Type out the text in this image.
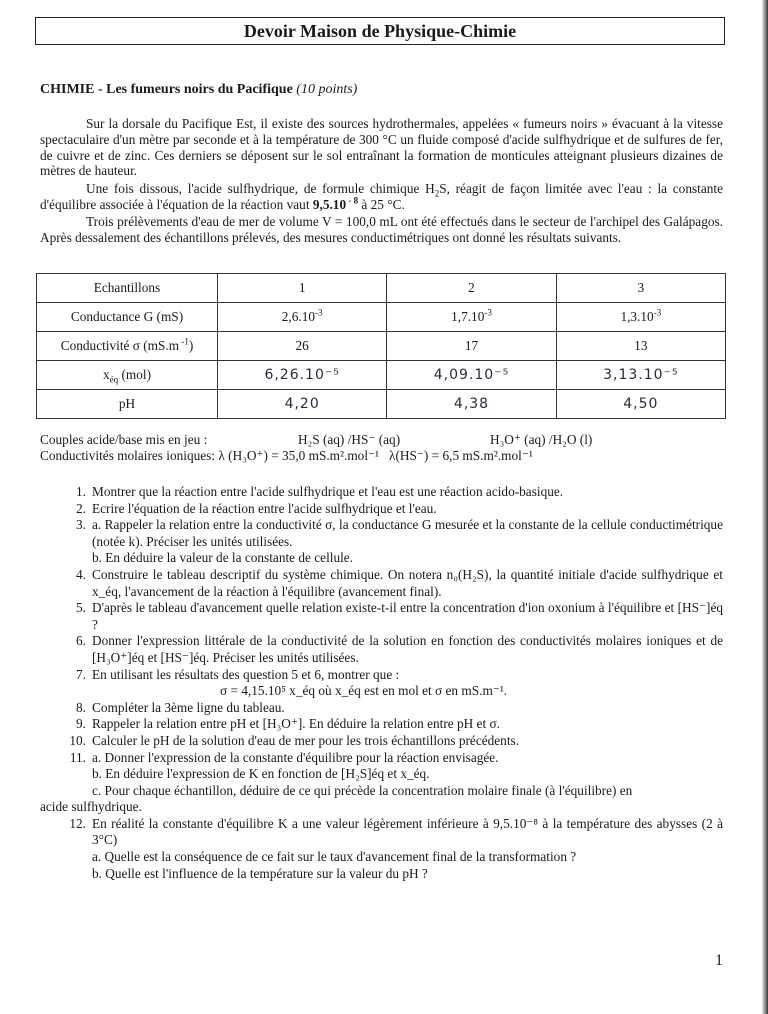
Devoir Maison de Physique-Chimie
CHIMIE - Les fumeurs noirs du Pacifique (10 points)
Sur la dorsale du Pacifique Est, il existe des sources hydrothermales, appelées « fumeurs noirs » évacuant à la vitesse spectaculaire d'un mètre par seconde et à la température de 300 °C un fluide composé d'acide sulfhydrique et de sulfures de fer, de cuivre et de zinc. Ces derniers se déposent sur le sol entraînant la formation de monticules atteignant plusieurs dizaines de mètres de hauteur.
Une fois dissous, l'acide sulfhydrique, de formule chimique $H_2S$, réagit de façon limitée avec l'eau : la constante d'équilibre associée à l'équation de la réaction vaut 9,5.10 $^{- 8}$ à 25 °C.
Trois prélèvements d'eau de mer de volume V = 100,0 mL ont été effectués dans le secteur de l'archipel des Galápagos. Après dessalement des échantillons prélevés, des mesures conductimétriques ont donné les résultats suivants.
Echantillons	1	2	3
Conductance G (mS)	$2,6.10^{-3}$	$1,7.10^{-3}$	$1,3.10^{-3}$
Conductivité σ (mS.m $^{-1}$)	26	17	13
$x_{éq}$ (mol)	6,26.10⁻⁵	4,09.10⁻⁵	3,13.10⁻⁵
pH	4,20	4,38	4,50
Couples acide/base mis en jeu :	H₂S (aq) /HS⁻ (aq)	H₃O⁺ (aq) /H₂O (l)
Conductivités molaires ioniques: λ (H₃O⁺) = 35,0 mS.m².mol⁻¹ λ(HS⁻) = 6,5 mS.m².mol⁻¹
1. Montrer que la réaction entre l'acide sulfhydrique et l'eau est une réaction acido-basique.
2. Ecrire l'équation de la réaction entre l'acide sulfhydrique et l'eau.
3. a. Rappeler la relation entre la conductivité σ, la conductance G mesurée et la constante de la cellule conductimétrique (notée k). Préciser les unités utilisées.
b. En déduire la valeur de la constante de cellule.
4. Construire le tableau descriptif du système chimique. On notera n₀(H₂S), la quantité initiale d'acide sulfhydrique et x_éq, l'avancement de la réaction à l'équilibre (avancement final).
5. D'après le tableau d'avancement quelle relation existe-t-il entre la concentration d'ion oxonium à l'équilibre et [HS⁻]éq ?
6. Donner l'expression littérale de la conductivité de la solution en fonction des conductivités molaires ioniques et de [H₃O⁺]éq et [HS⁻]éq. Préciser les unités utilisées.
7. En utilisant les résultats des question 5 et 6, montrer que :
σ = 4,15.10⁵ x_éq où x_éq est en mol et σ en mS.m⁻¹.
8. Compléter la 3ème ligne du tableau.
9. Rappeler la relation entre pH et [H₃O⁺]. En déduire la relation entre pH et σ.
10. Calculer le pH de la solution d'eau de mer pour les trois échantillons précédents.
11. a. Donner l'expression de la constante d'équilibre pour la réaction envisagée.
b. En déduire l'expression de K en fonction de [H₂S]éq et x_éq.
c. Pour chaque échantillon, déduire de ce qui précède la concentration molaire finale (à l'équilibre) en
acide sulfhydrique.
12. En réalité la constante d'équilibre K a une valeur légèrement inférieure à 9,5.10⁻⁸ à la température des abysses (2 à 3°C)
a. Quelle est la conséquence de ce fait sur le taux d'avancement final de la transformation ?
b. Quelle est l'influence de la température sur la valeur du pH ?
1
